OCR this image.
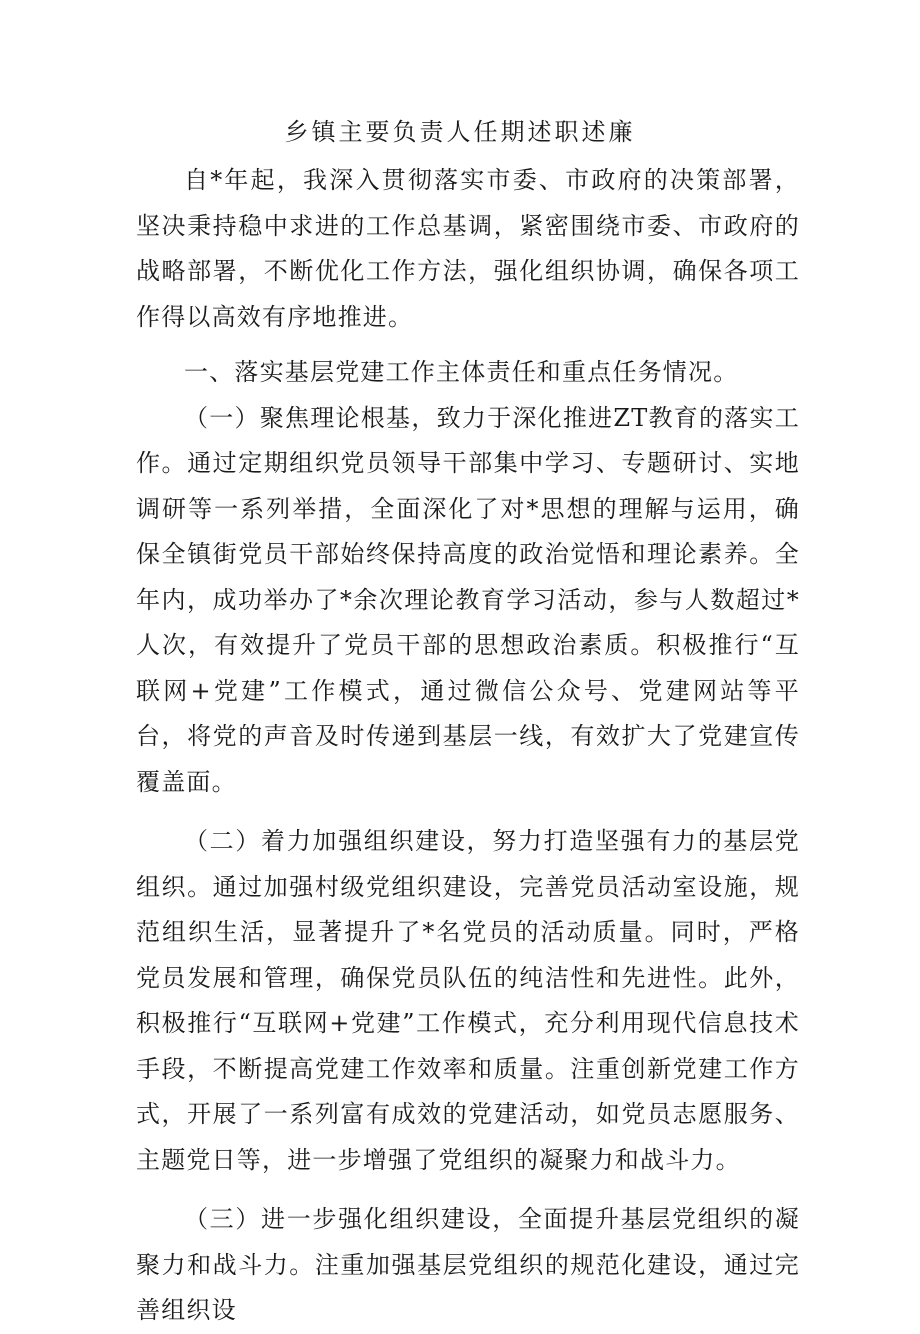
乡镇主要负责人任期述职述廉

自*年起，我深入贯彻落实市委、市政府的决策部署，坚决秉持稳中求进的工作总基调，紧密围绕市委、市政府的战略部署，不断优化工作方法，强化组织协调，确保各项工作得以高效有序地推进。

一、落实基层党建工作主体责任和重点任务情况。

（一）聚焦理论根基，致力于深化推进ZT教育的落实工作。通过定期组织党员领导干部集中学习、专题研讨、实地调研等一系列举措，全面深化了对*思想的理解与运用，确保全镇街党员干部始终保持高度的政治觉悟和理论素养。全年内，成功举办了*余次理论教育学习活动，参与人数超过*人次，有效提升了党员干部的思想政治素质。积极推行“互联网+党建”工作模式，通过微信公众号、党建网站等平台，将党的声音及时传递到基层一线，有效扩大了党建宣传覆盖面。

（二）着力加强组织建设，努力打造坚强有力的基层党组织。通过加强村级党组织建设，完善党员活动室设施，规范组织生活，显著提升了*名党员的活动质量。同时，严格党员发展和管理，确保党员队伍的纯洁性和先进性。此外，积极推行“互联网+党建”工作模式，充分利用现代信息技术手段，不断提高党建工作效率和质量。注重创新党建工作方式，开展了一系列富有成效的党建活动，如党员志愿服务、主题党日等，进一步增强了党组织的凝聚力和战斗力。

（三）进一步强化组织建设，全面提升基层党组织的凝聚力和战斗力。注重加强基层党组织的规范化建设，通过完善组织设
